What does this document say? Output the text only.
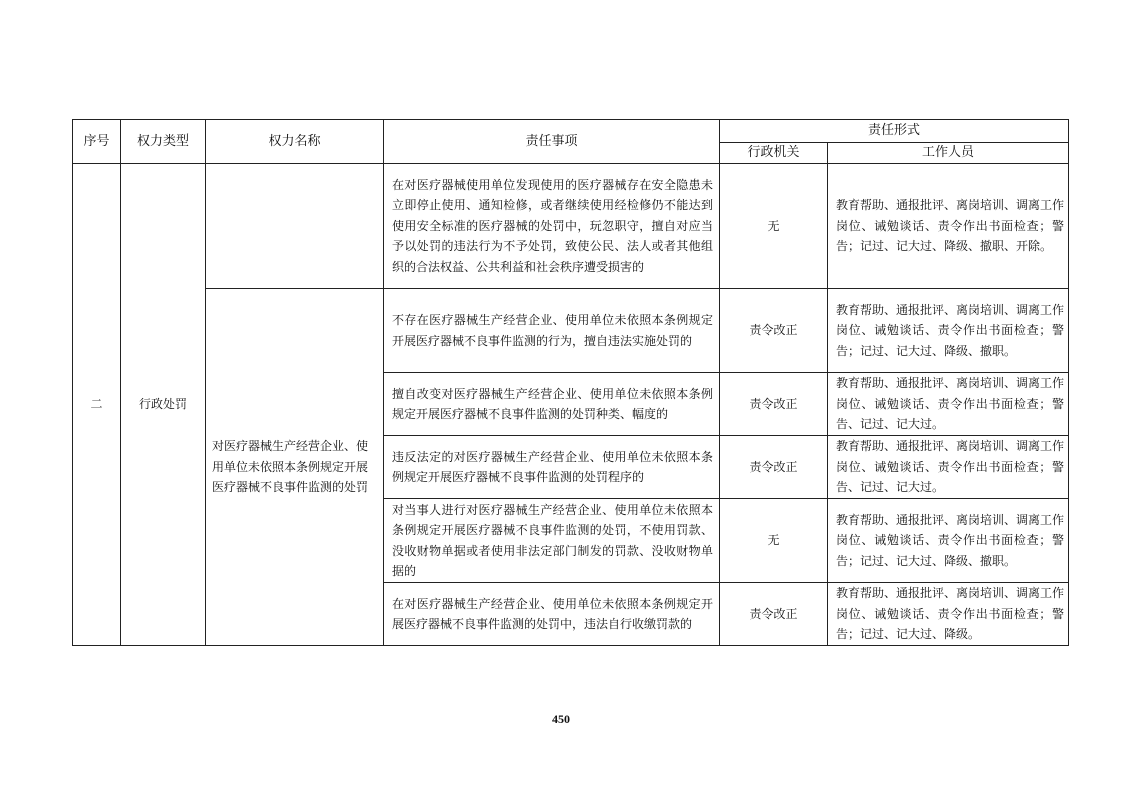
序号	权力类型	权力名称	责任事项	责任形式	
				行政机关	工作人员
二	行政处罚		在对医疗器械使用单位发现使用的医疗器械存在安全隐患未立即停止使用、通知检修，或者继续使用经检修仍不能达到使用安全标准的医疗器械的处罚中，玩忽职守，擅自对应当予以处罚的违法行为不予处罚，致使公民、法人或者其他组织的合法权益、公共利益和社会秩序遭受损害的	无	教育帮助、通报批评、离岗培训、调离工作岗位、诫勉谈话、责令作出书面检查；警告；记过、记大过、降级、撤职、开除。
		对医疗器械生产经营企业、使用单位未依照本条例规定开展医疗器械不良事件监测的处罚	不存在医疗器械生产经营企业、使用单位未依照本条例规定开展医疗器械不良事件监测的行为，擅自违法实施处罚的	责令改正	教育帮助、通报批评、离岗培训、调离工作岗位、诫勉谈话、责令作出书面检查；警告；记过、记大过、降级、撤职。
			擅自改变对医疗器械生产经营企业、使用单位未依照本条例规定开展医疗器械不良事件监测的处罚种类、幅度的	责令改正	教育帮助、通报批评、离岗培训、调离工作岗位、诫勉谈话、责令作出书面检查；警告、记过、记大过。
			违反法定的对医疗器械生产经营企业、使用单位未依照本条例规定开展医疗器械不良事件监测的处罚程序的	责令改正	教育帮助、通报批评、离岗培训、调离工作岗位、诫勉谈话、责令作出书面检查；警告、记过、记大过。
			对当事人进行对医疗器械生产经营企业、使用单位未依照本条例规定开展医疗器械不良事件监测的处罚，不使用罚款、没收财物单据或者使用非法定部门制发的罚款、没收财物单据的	无	教育帮助、通报批评、离岗培训、调离工作岗位、诫勉谈话、责令作出书面检查；警告；记过、记大过、降级、撤职。
			在对医疗器械生产经营企业、使用单位未依照本条例规定开展医疗器械不良事件监测的处罚中，违法自行收缴罚款的	责令改正	教育帮助、通报批评、离岗培训、调离工作岗位、诫勉谈话、责令作出书面检查；警告；记过、记大过、降级。
450
